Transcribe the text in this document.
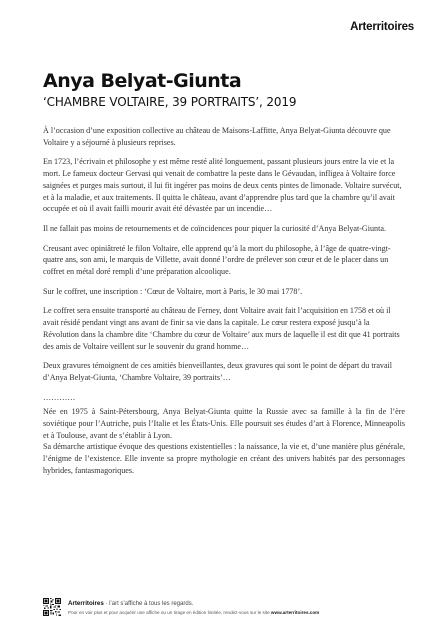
Arterritoires
Anya Belyat-Giunta
‘CHAMBRE VOLTAIRE, 39 PORTRAITS’, 2019

À l’occasion d’une exposition collective au château de Maisons-Laffitte, Anya Belyat-Giunta découvre que Voltaire y a séjourné à plusieurs reprises.

En 1723, l’écrivain et philosophe y est même resté alité longuement, passant plusieurs jours entre la vie et la mort. Le fameux docteur Gervasi qui venait de combattre la peste dans le Gévaudan, infligea à Voltaire force saignées et purges mais surtout, il lui fit ingérer pas moins de deux cents pintes de limonade. Voltaire survécut, et à la maladie, et aux traitements. Il quitta le château, avant d’apprendre plus tard que la chambre qu’il avait occupée et où il avait failli mourir avait été dévastée par un incendie…

Il ne fallait pas moins de retournements et de coïncidences pour piquer la curiosité d’Anya Belyat-Giunta.

Creusant avec opiniâtreté le filon Voltaire, elle apprend qu’à la mort du philosophe, à l’âge de quatre-vingt-quatre ans, son ami, le marquis de Villette, avait donné l’ordre de prélever son cœur et de le placer dans un coffret en métal doré rempli d’une préparation alcoolique.

Sur le coffret, une inscription : ‘Cœur de Voltaire, mort à Paris, le 30 mai 1778’.

Le coffret sera ensuite transporté au château de Ferney, dont Voltaire avait fait l’acquisition en 1758 et où il avait résidé pendant vingt ans avant de finir sa vie dans la capitale. Le cœur restera exposé jusqu’à la Révolution dans la chambre dite ‘Chambre du cœur de Voltaire’ aux murs de laquelle il est dit que 41 portraits des amis de Voltaire veillent sur le souvenir du grand homme…

Deux gravures témoignent de ces amitiés bienveillantes, deux gravures qui sont le point de départ du travail d’Anya Belyat-Giunta, ‘Chambre Voltaire, 39 portraits’…

…………

Née en 1975 à Saint-Pétersbourg, Anya Belyat-Giunta quitte la Russie avec sa famille à la fin de l’ère soviétique pour l’Autriche, puis l’Italie et les États-Unis. Elle poursuit ses études d’art à Florence, Minneapolis et à Toulouse, avant de s’établir à Lyon.

Sa démarche artistique évoque des questions existentielles : la naissance, la vie et, d’une manière plus générale, l’énigme de l’existence. Elle invente sa propre mythologie en créant des univers habités par des personnages hybrides, fantasmagoriques.

Arterritoires · l’art s’affiche à tous les regards.
Pour en voir plus et pour acquérir une affiche ou un tirage en édition limitée, rendez-vous sur le site www.arterritoires.com
